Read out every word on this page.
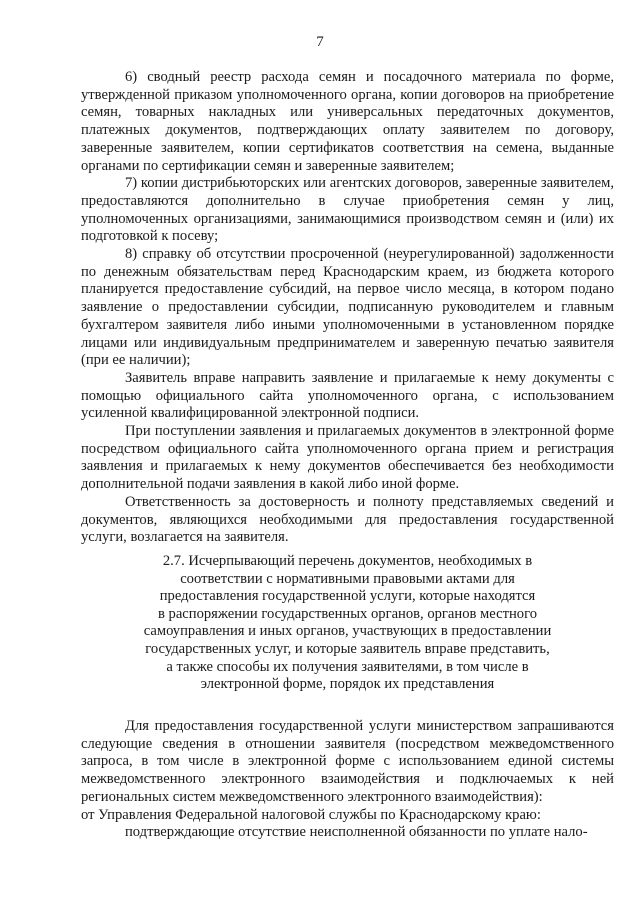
7

6) сводный реестр расхода семян и посадочного материала по форме, утвержденной приказом уполномоченного органа, копии договоров на приобретение семян, товарных накладных или универсальных передаточных документов, платежных документов, подтверждающих оплату заявителем по договору, заверенные заявителем, копии сертификатов соответствия на семена, выданные органами по сертификации семян и заверенные заявителем;

7) копии дистрибьюторских или агентских договоров, заверенные заявителем, предоставляются дополнительно в случае приобретения семян у лиц, уполномоченных организациями, занимающимися производством семян и (или) их подготовкой к посеву;

8) справку об отсутствии просроченной (неурегулированной) задолженности по денежным обязательствам перед Краснодарским краем, из бюджета которого планируется предоставление субсидий, на первое число месяца, в котором подано заявление о предоставлении субсидии, подписанную руководителем и главным бухгалтером заявителя либо иными уполномоченными в установленном порядке лицами или индивидуальным предпринимателем и заверенную печатью заявителя (при ее наличии);

Заявитель вправе направить заявление и прилагаемые к нему документы с помощью официального сайта уполномоченного органа, с использованием усиленной квалифицированной электронной подписи.

При поступлении заявления и прилагаемых документов в электронной форме посредством официального сайта уполномоченного органа прием и регистрация заявления и прилагаемых к нему документов обеспечивается без необходимости дополнительной подачи заявления в какой либо иной форме.

Ответственность за достоверность и полноту представляемых сведений и документов, являющихся необходимыми для предоставления государственной услуги, возлагается на заявителя.

2.7. Исчерпывающий перечень документов, необходимых в
соответствии с нормативными правовыми актами для
предоставления государственной услуги, которые находятся
в распоряжении государственных органов, органов местного
самоуправления и иных органов, участвующих в предоставлении
государственных услуг, и которые заявитель вправе представить,
а также способы их получения заявителями, в том числе в
электронной форме, порядок их представления

Для предоставления государственной услуги министерством запрашиваются следующие сведения в отношении заявителя (посредством межведомственного запроса, в том числе в электронной форме с использованием единой системы межведомственного электронного взаимодействия и подключаемых к ней региональных систем межведомственного электронного взаимодействия):

от Управления Федеральной налоговой службы по Краснодарскому краю:

подтверждающие отсутствие неисполненной обязанности по уплате нало-
